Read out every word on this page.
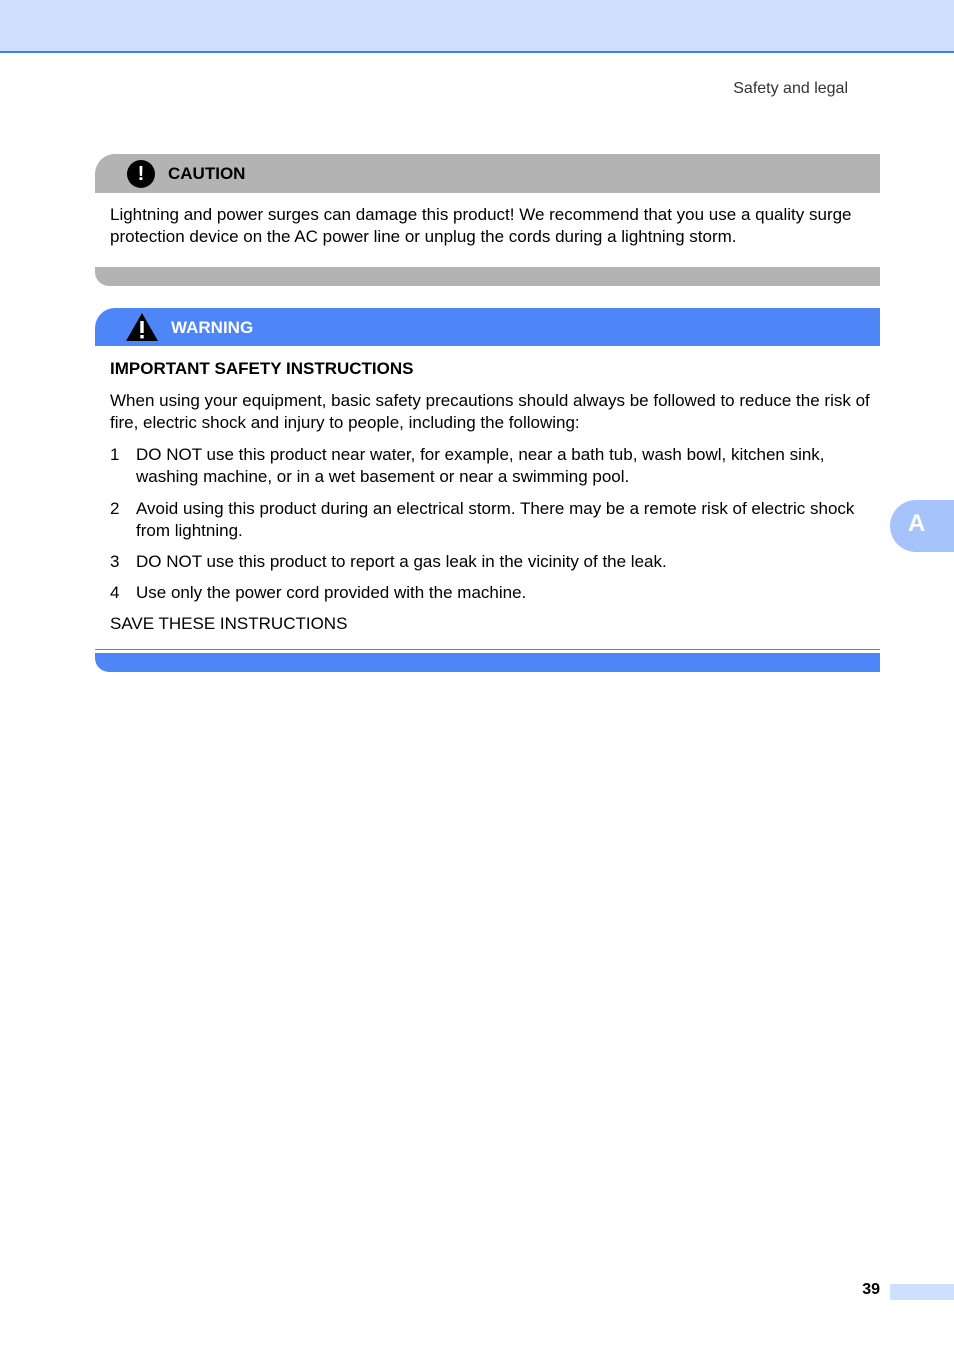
Safety and legal
!	CAUTION
Lightning and power surges can damage this product! We recommend that you use a quality surge protection device on the AC power line or unplug the cords during a lightning storm.
WARNING
IMPORTANT SAFETY INSTRUCTIONS
When using your equipment, basic safety precautions should always be followed to reduce the risk of fire, electric shock and injury to people, including the following:
1 DO NOT use this product near water, for example, near a bath tub, wash bowl, kitchen sink, washing machine, or in a wet basement or near a swimming pool.
2 Avoid using this product during an electrical storm. There may be a remote risk of electric shock from lightning.
3 DO NOT use this product to report a gas leak in the vicinity of the leak.
4 Use only the power cord provided with the machine.
SAVE THESE INSTRUCTIONS
A
39
